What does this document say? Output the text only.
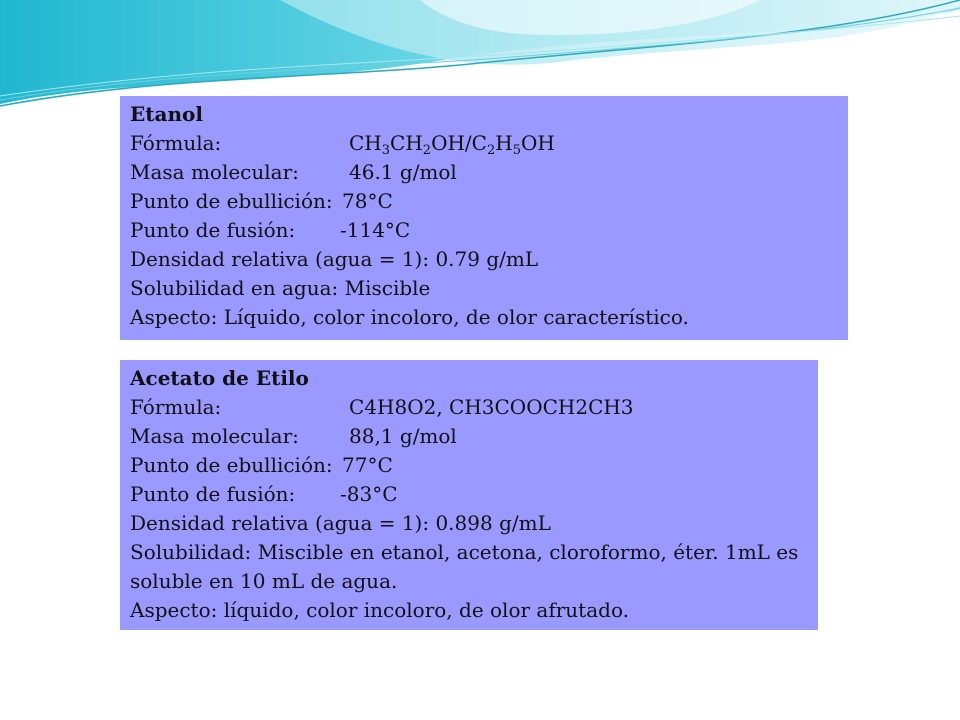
Etanol
Fórmula:	$CH_3CH_2OH/C_2H_5OH$
Masa molecular:	46.1 g/mol
Punto de ebullición: 78°C
Punto de fusión: -114°C
Densidad relativa (agua = 1): 0.79 g/mL
Solubilidad en agua: Miscible
Aspecto: Líquido, color incoloro, de olor característico.
Acetato de Etilo
Fórmula:	C4H8O2, CH3COOCH2CH3
Masa molecular:	88,1 g/mol
Punto de ebullición: 77°C
Punto de fusión: -83°C
Densidad relativa (agua = 1): 0.898 g/mL
Solubilidad: Miscible en etanol, acetona, cloroformo, éter. 1mL es soluble en 10 mL de agua.
Aspecto: líquido, color incoloro, de olor afrutado.
